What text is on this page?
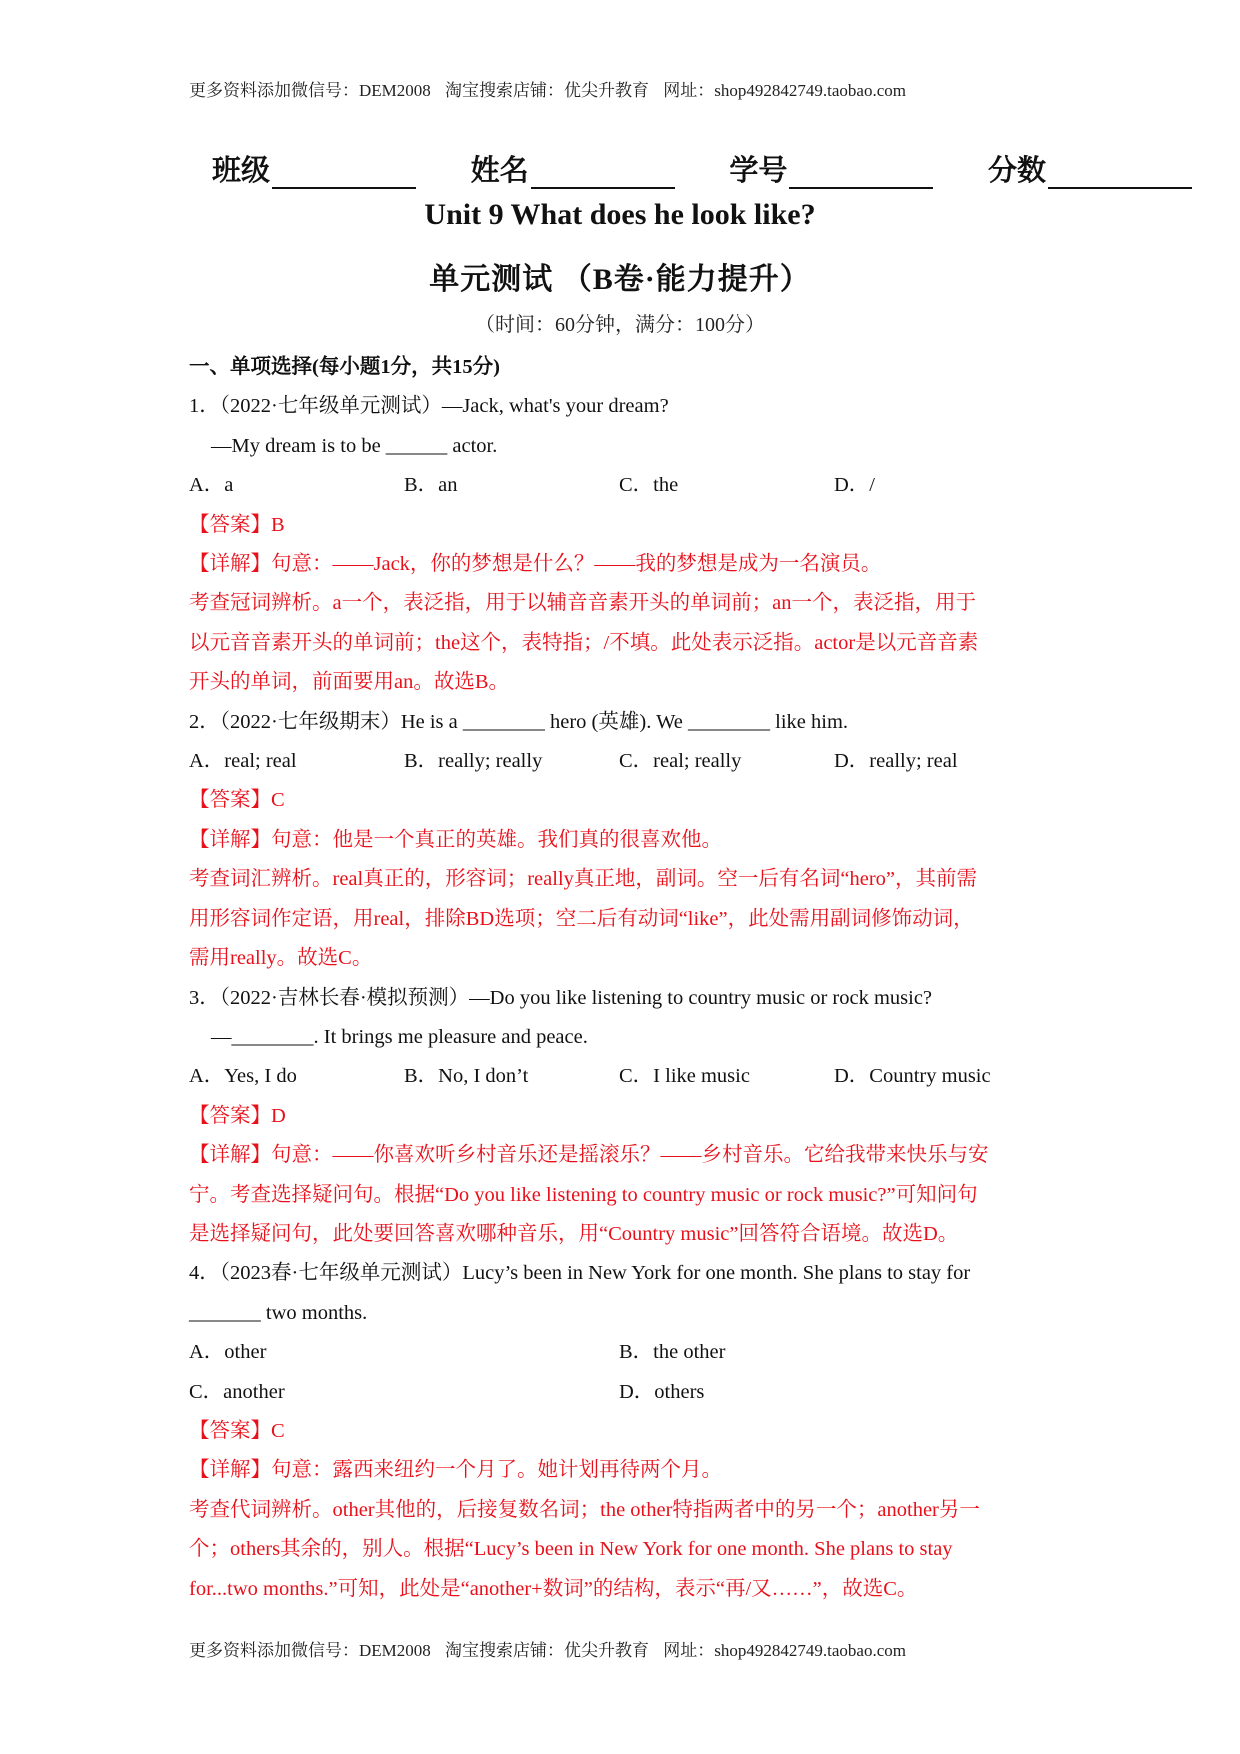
更多资料添加微信号：DEM2008 淘宝搜索店铺：优尖升教育 网址：shop492842749.taobao.com
班级	姓名	学号	分数
Unit 9 What does he look like?
单元测试 （B卷·能力提升）
（时间：60分钟，满分：100分）
一、单项选择(每小题1分，共15分)
1．（2022·七年级单元测试）—Jack, what's your dream?
—My dream is to be ______ actor.
A．a	B．an	C．the	D．/
【答案】B
【详解】句意：——Jack，你的梦想是什么？——我的梦想是成为一名演员。
考查冠词辨析。a一个，表泛指，用于以辅音音素开头的单词前；an一个，表泛指，用于
以元音音素开头的单词前；the这个，表特指；/不填。此处表示泛指。actor是以元音音素
开头的单词，前面要用an。故选B。
2．（2022·七年级期末）He is a ________ hero (英雄). We ________ like him.
A．real; real	B．really; really	C．real; really	D．really; real
【答案】C
【详解】句意：他是一个真正的英雄。我们真的很喜欢他。
考查词汇辨析。real真正的，形容词；really真正地，副词。空一后有名词“hero”，其前需
用形容词作定语，用real，排除BD选项；空二后有动词“like”，此处需用副词修饰动词，
需用really。故选C。
3．（2022·吉林长春·模拟预测）—Do you like listening to country music or rock music?
—________. It brings me pleasure and peace.
A．Yes, I do	B．No, I don’t	C．I like music	D．Country music
【答案】D
【详解】句意：——你喜欢听乡村音乐还是摇滚乐？——乡村音乐。它给我带来快乐与安
宁。考查选择疑问句。根据“Do you like listening to country music or rock music?”可知问句
是选择疑问句，此处要回答喜欢哪种音乐，用“Country music”回答符合语境。故选D。
4．（2023春·七年级单元测试）Lucy’s been in New York for one month. She plans to stay for
_______ two months.
A．other	B．the other
C．another	D．others
【答案】C
【详解】句意：露西来纽约一个月了。她计划再待两个月。
考查代词辨析。other其他的，后接复数名词；the other特指两者中的另一个；another另一
个；others其余的，别人。根据“Lucy’s been in New York for one month. She plans to stay
for...two months.”可知，此处是“another+数词”的结构，表示“再/又……”，故选C。
更多资料添加微信号：DEM2008 淘宝搜索店铺：优尖升教育 网址：shop492842749.taobao.com
